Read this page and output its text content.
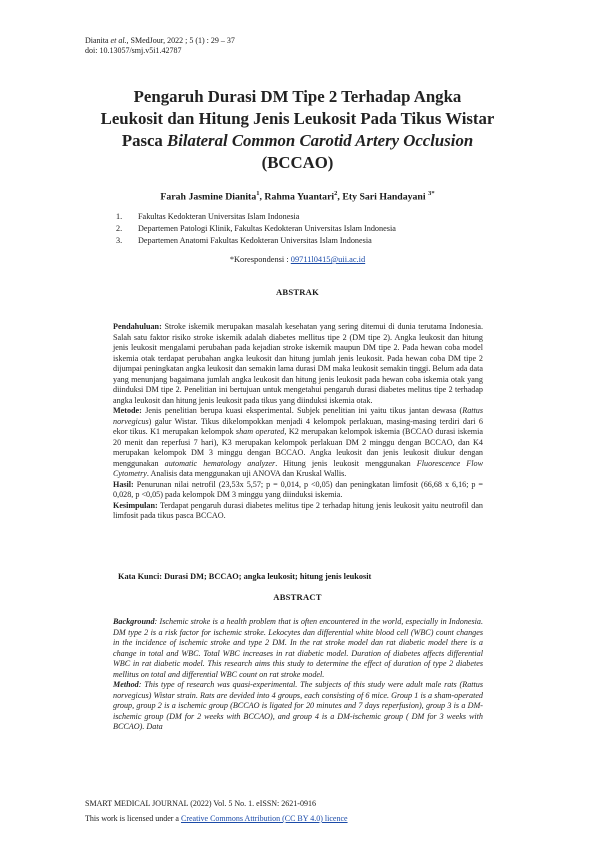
Dianita et al., SMedJour, 2022 ; 5 (1) : 29 – 37
doi: 10.13057/smj.v5i1.42787
Pengaruh Durasi DM Tipe 2 Terhadap Angka
Leukosit dan Hitung Jenis Leukosit Pada Tikus Wistar
Pasca Bilateral Common Carotid Artery Occlusion
(BCCAO)
Farah Jasmine Dianita$^1$, Rahma Yuantari$^2$, Ety Sari Handayani $^{3*}$
1. Fakultas Kedokteran Universitas Islam Indonesia
2. Departemen Patologi Klinik, Fakultas Kedokteran Universitas Islam Indonesia
3. Departemen Anatomi Fakultas Kedokteran Universitas Islam Indonesia
*Korespondensi : 09711l0415@uii.ac.id
ABSTRAK

Pendahuluan: Stroke iskemik merupakan masalah kesehatan yang sering ditemui di dunia terutama Indonesia. Salah satu faktor risiko stroke iskemik adalah diabetes mellitus tipe 2 (DM tipe 2). Angka leukosit dan hitung jenis leukosit mengalami perubahan pada kejadian stroke iskemik maupun DM tipe 2. Pada hewan coba model iskemia otak terdapat perubahan angka leukosit dan hitung jumlah jenis leukosit. Pada hewan coba DM tipe 2 dijumpai peningkatan angka leukosit dan semakin lama durasi DM maka leukosit semakin tinggi. Belum ada data yang menunjang bagaimana jumlah angka leukosit dan hitung jenis leukosit pada hewan coba iskemia otak yang diinduksi DM tipe 2. Penelitian ini bertujuan untuk mengetahui pengaruh durasi diabetes melitus tipe 2 terhadap angka leukosit dan hitung jenis leukosit pada tikus yang diinduksi iskemia otak.

Metode: Jenis penelitian berupa kuasi eksperimental. Subjek penelitian ini yaitu tikus jantan dewasa (Rattus norvegicus) galur Wistar. Tikus dikelompokkan menjadi 4 kelompok perlakuan, masing-masing terdiri dari 6 ekor tikus. K1 merupakan kelompok sham operated, K2 merupakan kelompok iskemia (BCCAO durasi iskemia 20 menit dan reperfusi 7 hari), K3 merupakan kelompok perlakuan DM 2 minggu dengan BCCAO, dan K4 merupakan kelompok DM 3 minggu dengan BCCAO. Angka leukosit dan jenis leukosit diukur dengan menggunakan automatic hematology analyzer. Hitung jenis leukosit menggunakan Fluorescence Flow Cytometry. Analisis data menggunakan uji ANOVA dan Kruskal Wallis.

Hasil: Penurunan nilai netrofil (23,53x 5,57; p = 0,014, p <0,05) dan peningkatan limfosit (66,68 x 6,16; p = 0,028, p <0,05) pada kelompok DM 3 minggu yang diinduksi iskemia.

Kesimpulan: Terdapat pengaruh durasi diabetes melitus tipe 2 terhadap hitung jenis leukosit yaitu neutrofil dan limfosit pada tikus pasca BCCAO.

Kata Kunci: Durasi DM; BCCAO; angka leukosit; hitung jenis leukosit
ABSTRACT

Background: Ischemic stroke is a health problem that is often encountered in the world, especially in Indonesia. DM type 2 is a risk factor for ischemic stroke. Lekocytes dan differential white blood cell (WBC) count changes in the incidence of ischemic stroke and type 2 DM. In the rat stroke model dan rat diabetic model there is a change in total and WBC. Total WBC increases in rat diabetic model. Duration of diabetes affects differential WBC in rat diabetic model. This research aims this study to determine the effect of duration of type 2 diabetes mellitus on total and differential WBC count on rat stroke model.

Method: This type of research was quasi-experimental. The subjects of this study were adult male rats (Rattus norvegicus) Wistar strain. Rats are devided into 4 groups, each consisting of 6 mice. Group 1 is a sham-operated group, group 2 is a ischemic group (BCCAO is ligated for 20 minutes and 7 days reperfusion), group 3 is a DM-ischemic group (DM for 2 weeks with BCCAO), and group 4 is a DM-ischemic group ( DM for 3 weeks with BCCAO). Data

SMART MEDICAL JOURNAL (2022) Vol. 5 No. 1. eISSN: 2621-0916
This work is licensed under a Creative Commons Attribution (CC BY 4.0) licence
